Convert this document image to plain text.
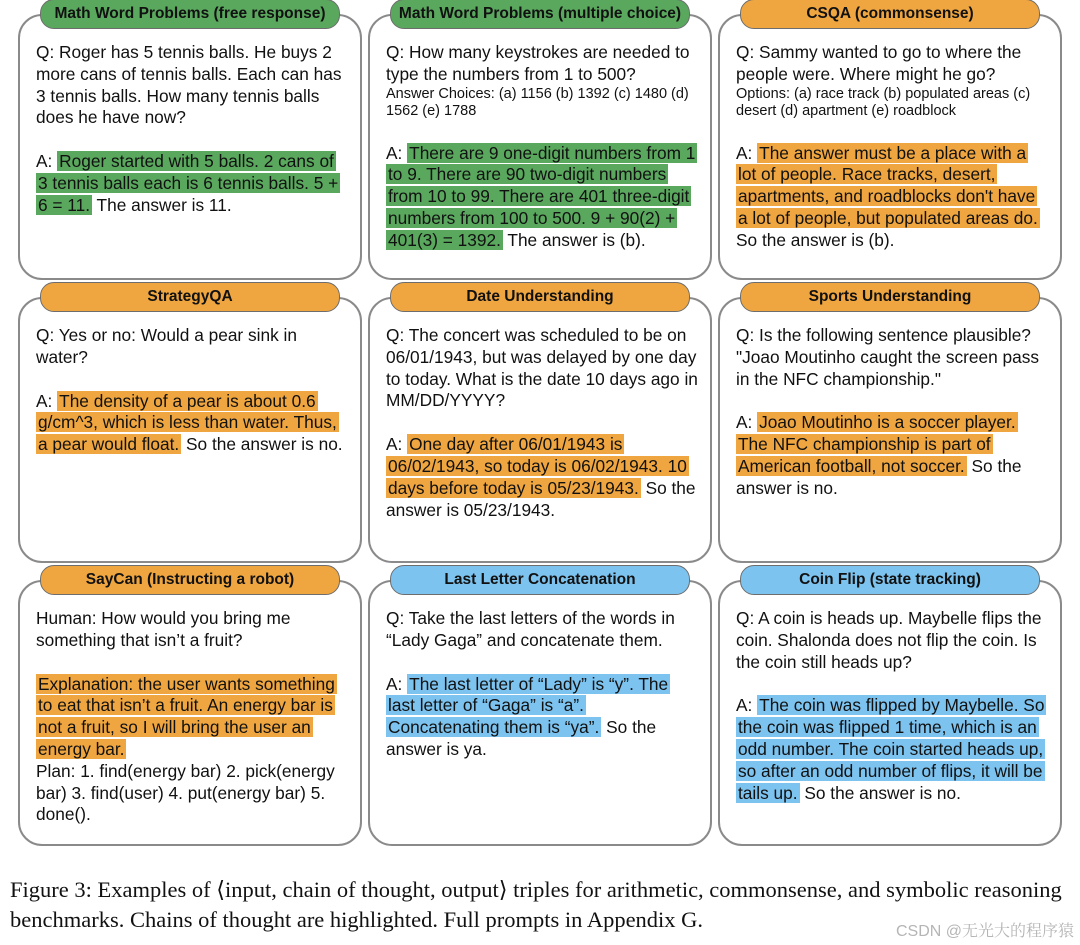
Math Word Problems (free response)

Q: Roger has 5 tennis balls. He buys 2 more cans of tennis balls. Each can has 3 tennis balls. How many tennis balls does he have now?

A: Roger started with 5 balls. 2 cans of 3 tennis balls each is 6 tennis balls. 5 + 6 = 11. The answer is 11.

Math Word Problems (multiple choice)

Q: How many keystrokes are needed to type the numbers from 1 to 500?

Answer Choices: (a) 1156 (b) 1392 (c) 1480 (d) 1562 (e) 1788

A: There are 9 one-digit numbers from 1 to 9. There are 90 two-digit numbers from 10 to 99. There are 401 three-digit numbers from 100 to 500. 9 + 90(2) + 401(3) = 1392. The answer is (b).

CSQA (commonsense)

Q: Sammy wanted to go to where the people were. Where might he go?

Options: (a) race track (b) populated areas (c) desert (d) apartment (e) roadblock

A: The answer must be a place with a lot of people. Race tracks, desert, apartments, and roadblocks don't have a lot of people, but populated areas do. So the answer is (b).

StrategyQA

Q: Yes or no: Would a pear sink in water?

A: The density of a pear is about 0.6 g/cm^3, which is less than water. Thus, a pear would float. So the answer is no.

Date Understanding

Q: The concert was scheduled to be on 06/01/1943, but was delayed by one day to today. What is the date 10 days ago in MM/DD/YYYY?

A: One day after 06/01/1943 is 06/02/1943, so today is 06/02/1943. 10 days before today is 05/23/1943. So the answer is 05/23/1943.

Sports Understanding

Q: Is the following sentence plausible? "Joao Moutinho caught the screen pass in the NFC championship."

A: Joao Moutinho is a soccer player. The NFC championship is part of American football, not soccer. So the answer is no.

SayCan (Instructing a robot)

Human: How would you bring me something that isn’t a fruit?

Explanation: the user wants something to eat that isn’t a fruit. An energy bar is not a fruit, so I will bring the user an energy bar.

Plan: 1. find(energy bar) 2. pick(energy bar) 3. find(user) 4. put(energy bar) 5. done().

Last Letter Concatenation

Q: Take the last letters of the words in “Lady Gaga” and concatenate them.

A: The last letter of “Lady” is “y”. The last letter of “Gaga” is “a”. Concatenating them is “ya”. So the answer is ya.

Coin Flip (state tracking)

Q: A coin is heads up. Maybelle flips the coin. Shalonda does not flip the coin. Is the coin still heads up?

A: The coin was flipped by Maybelle. So the coin was flipped 1 time, which is an odd number. The coin started heads up, so after an odd number of flips, it will be tails up. So the answer is no.

Figure 3: Examples of ⟨input, chain of thought, output⟩ triples for arithmetic, commonsense, and symbolic reasoning benchmarks. Chains of thought are highlighted. Full prompts in Appendix G.	CSDN @无光大的程序猿
